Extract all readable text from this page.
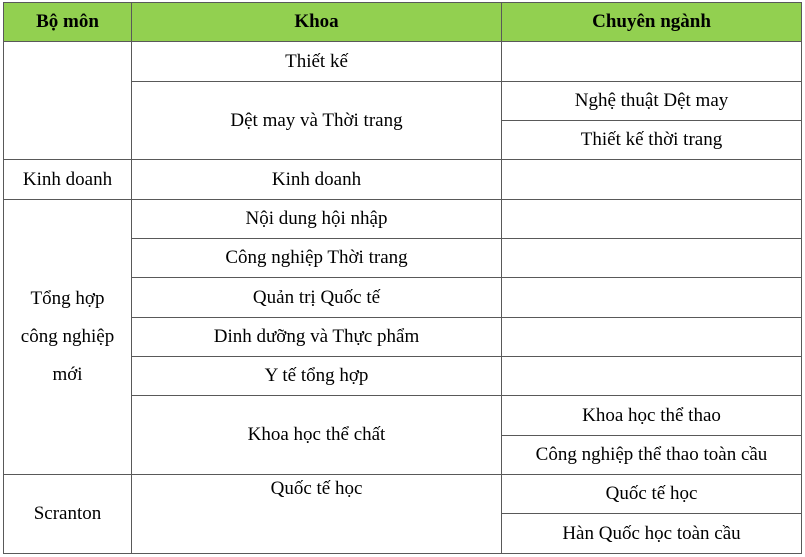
Bộ môn	Khoa	Chuyên ngành
	Thiết kế	
	Dệt may và Thời trang	Nghệ thuật Dệt may
		Thiết kế thời trang
Kinh doanh	Kinh doanh	
Tổng hợp
công nghiệp
mới	Nội dung hội nhập	
	Công nghiệp Thời trang	
	Quản trị Quốc tế	
	Dinh dưỡng và Thực phẩm	
	Y tế tổng hợp	
	Khoa học thể chất	Khoa học thể thao
		Công nghiệp thể thao toàn cầu
Scranton	Quốc tế học	Quốc tế học
		Hàn Quốc học toàn cầu
